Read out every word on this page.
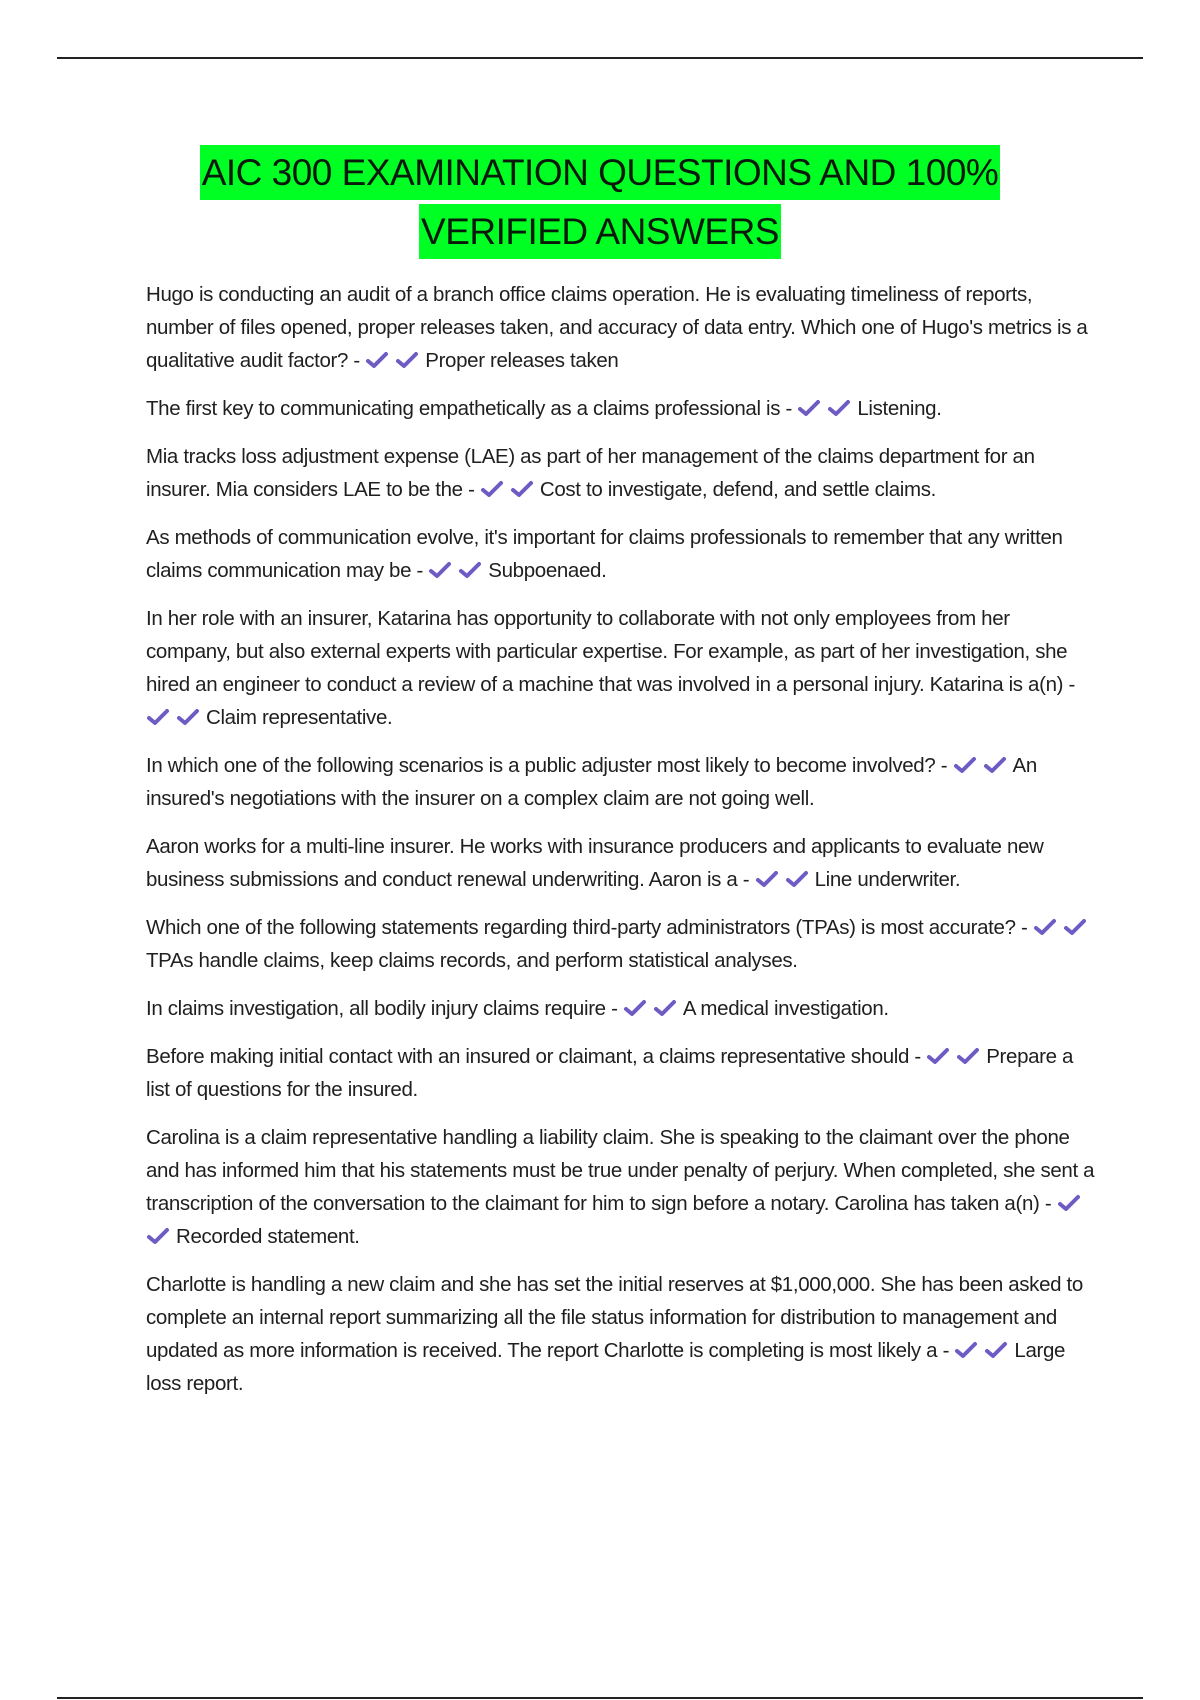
AIC 300 EXAMINATION QUESTIONS AND 100%
VERIFIED ANSWERS

Hugo is conducting an audit of a branch office claims operation. He is evaluating timeliness of reports, number of files opened, proper releases taken, and accuracy of data entry. Which one of Hugo's metrics is a qualitative audit factor? -	Proper releases taken

The first key to communicating empathetically as a claims professional is -	Listening.

Mia tracks loss adjustment expense (LAE) as part of her management of the claims department for an insurer. Mia considers LAE to be the -	Cost to investigate, defend, and settle claims.

As methods of communication evolve, it's important for claims professionals to remember that any written claims communication may be -	Subpoenaed.

In her role with an insurer, Katarina has opportunity to collaborate with not only employees from her company, but also external experts with particular expertise. For example, as part of her investigation, she hired an engineer to conduct a review of a machine that was involved in a personal injury. Katarina is a(n) -
Claim representative.

In which one of the following scenarios is a public adjuster most likely to become involved? -	An insured's negotiations with the insurer on a complex claim are not going well.

Aaron works for a multi-line insurer. He works with insurance producers and applicants to evaluate new business submissions and conduct renewal underwriting. Aaron is a -	Line underwriter.

Which one of the following statements regarding third-party administrators (TPAs) is most accurate? -
TPAs handle claims, keep claims records, and perform statistical analyses.

In claims investigation, all bodily injury claims require -	A medical investigation.

Before making initial contact with an insured or claimant, a claims representative should -	Prepare a list of questions for the insured.

Carolina is a claim representative handling a liability claim. She is speaking to the claimant over the phone and has informed him that his statements must be true under penalty of perjury. When completed, she sent a transcription of the conversation to the claimant for him to sign before a notary. Carolina has taken a(n) -
Recorded statement.

Charlotte is handling a new claim and she has set the initial reserves at $1,000,000. She has been asked to complete an internal report summarizing all the file status information for distribution to management and updated as more information is received. The report Charlotte is completing is most likely a -	Large loss report.
